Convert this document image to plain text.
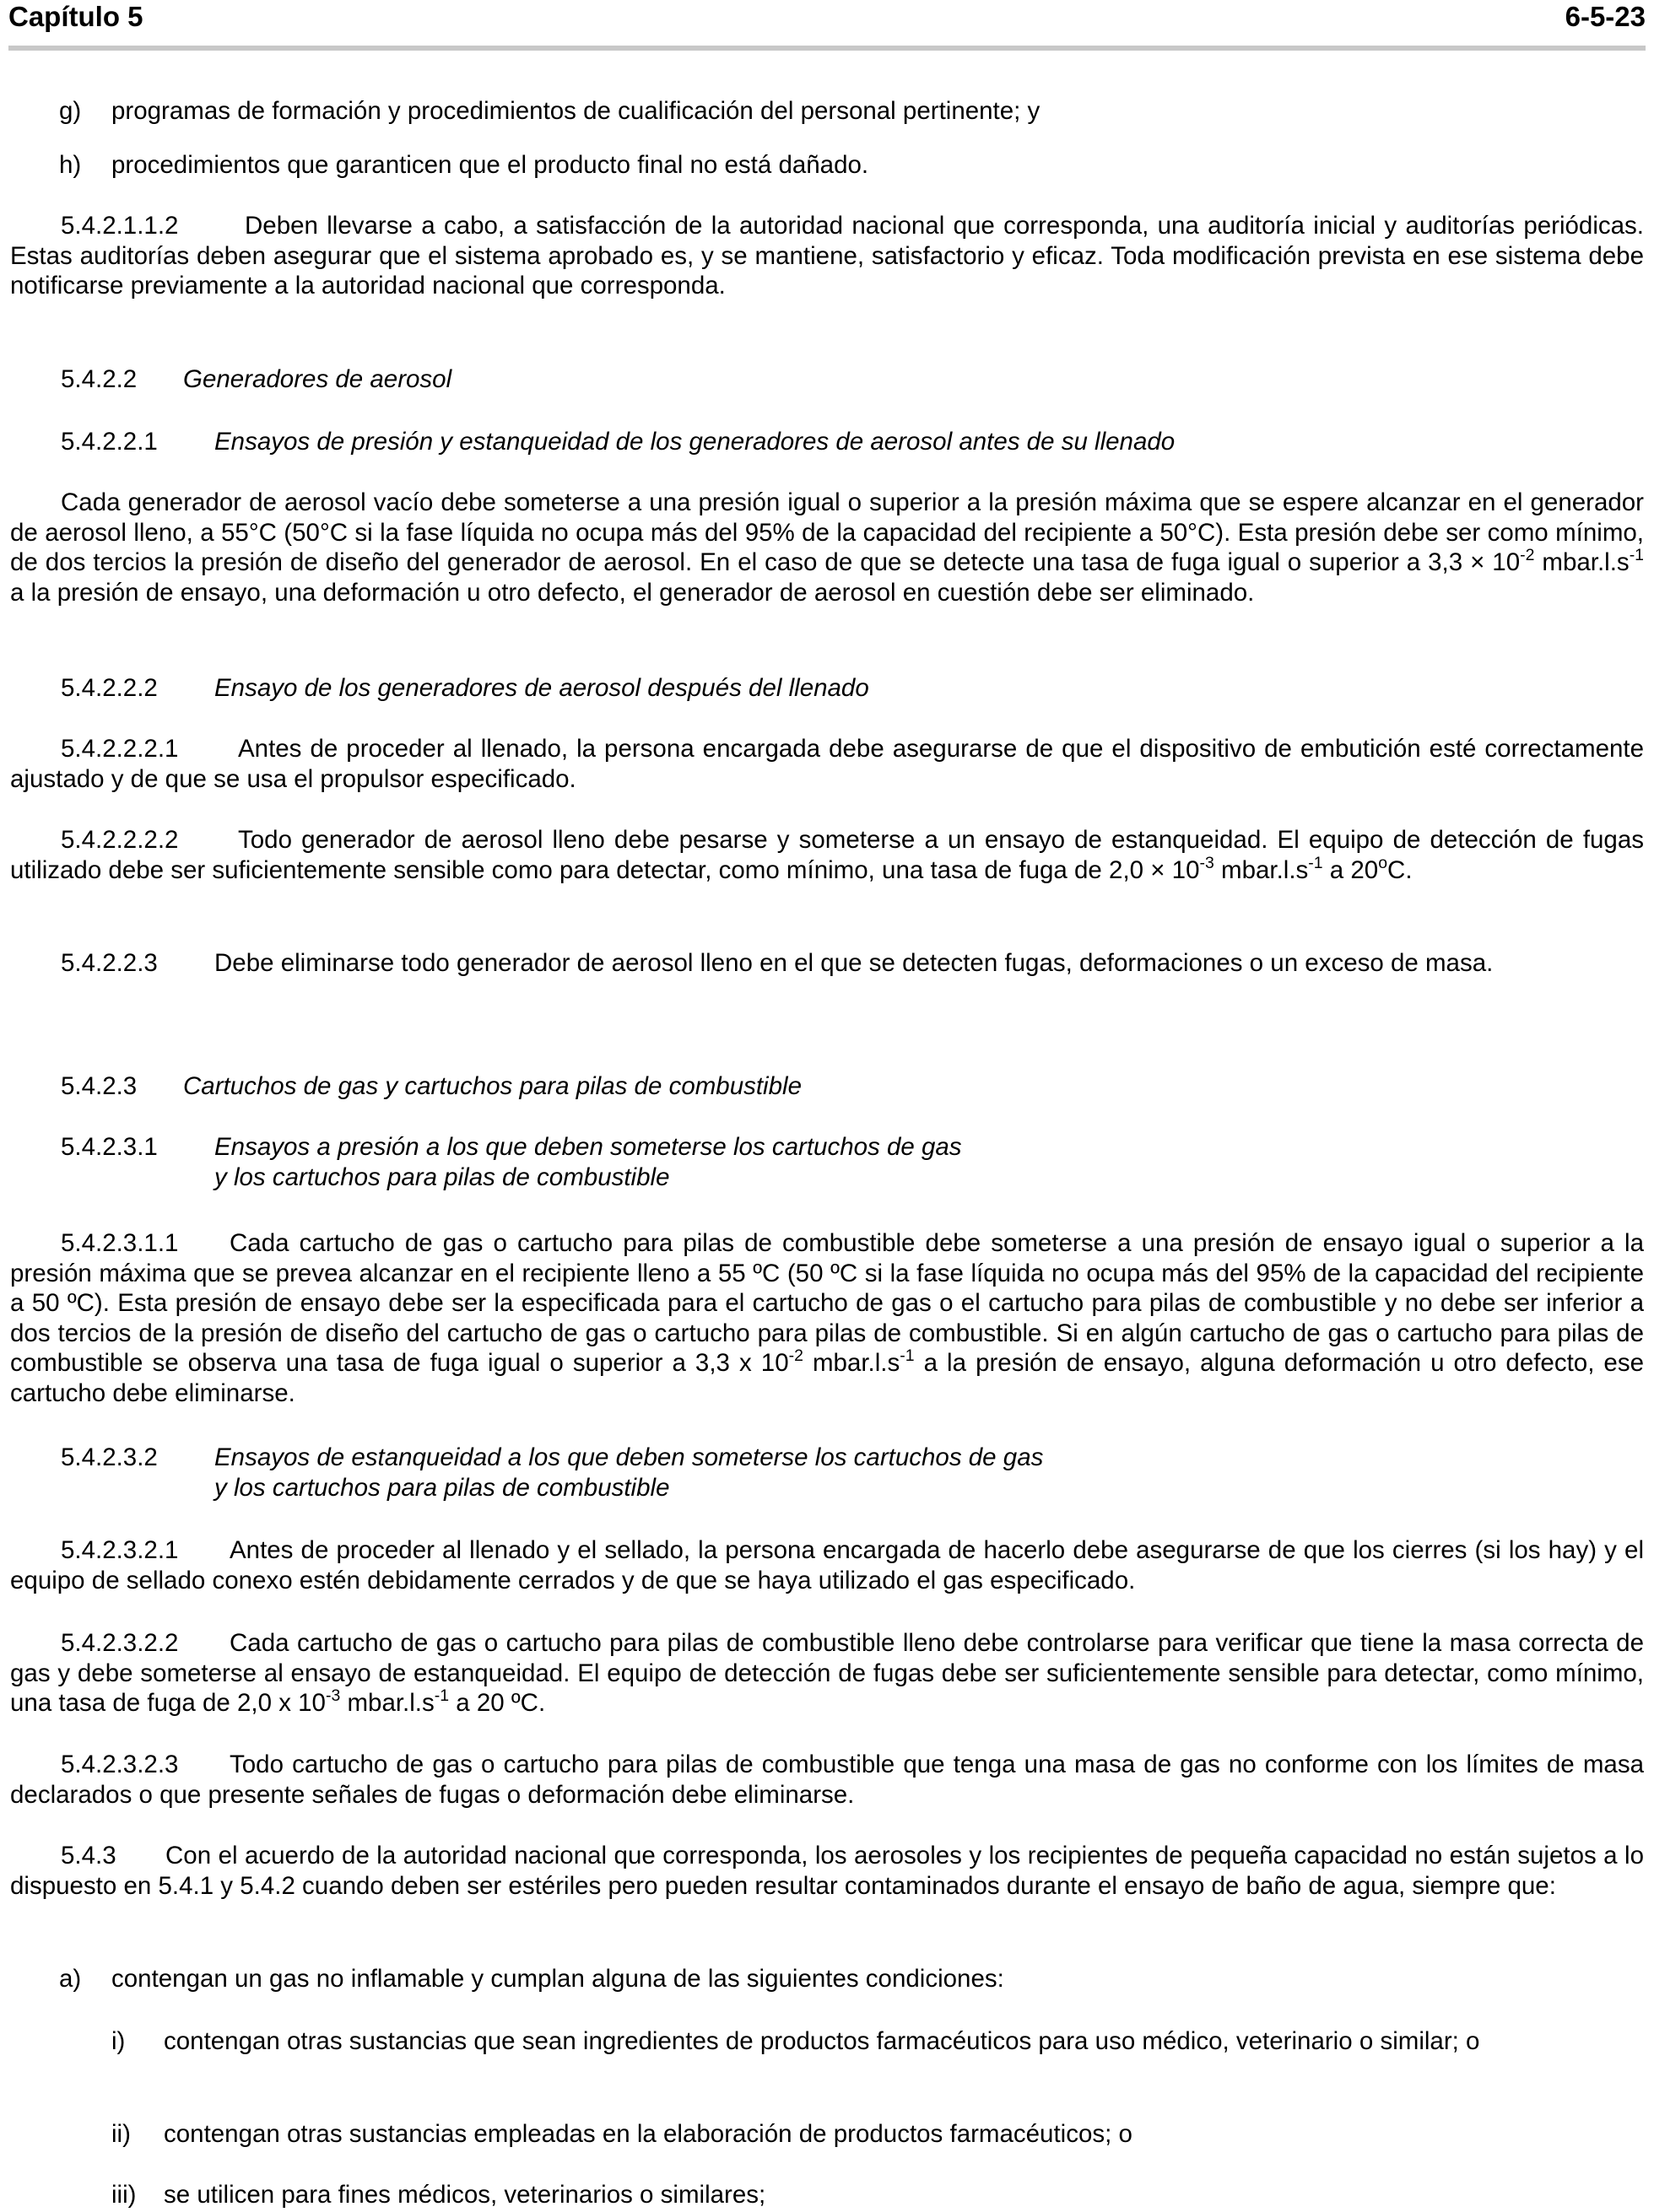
Capítulo 5	6-5-23
g)	programas de formación y procedimientos de cualificación del personal pertinente; y
h)	procedimientos que garanticen que el producto final no está dañado.

5.4.2.1.1.2	Deben llevarse a cabo, a satisfacción de la autoridad nacional que corresponda, una auditoría inicial y auditorías periódicas. Estas auditorías deben asegurar que el sistema aprobado es, y se mantiene, satisfactorio y eficaz. Toda modificación prevista en ese sistema debe notificarse previamente a la autoridad nacional que corresponda.

5.4.2.2 Generadores de aerosol
5.4.2.2.1 Ensayos de presión y estanqueidad de los generadores de aerosol antes de su llenado

Cada generador de aerosol vacío debe someterse a una presión igual o superior a la presión máxima que se espere alcanzar en el generador de aerosol lleno, a 55°C (50°C si la fase líquida no ocupa más del 95% de la capacidad del recipiente a 50°C). Esta presión debe ser como mínimo, de dos tercios la presión de diseño del generador de aerosol. En el caso de que se detecte una tasa de fuga igual o superior a $3,3 \times 10^{-2}$ $mbar.l.s^{-1}$ a la presión de ensayo, una deformación u otro defecto, el generador de aerosol en cuestión debe ser eliminado.

5.4.2.2.2 Ensayo de los generadores de aerosol después del llenado

5.4.2.2.2.1 Antes de proceder al llenado, la persona encargada debe asegurarse de que el dispositivo de embutición esté correctamente ajustado y de que se usa el propulsor especificado.

5.4.2.2.2.2 Todo generador de aerosol lleno debe pesarse y someterse a un ensayo de estanqueidad. El equipo de detección de fugas utilizado debe ser suficientemente sensible como para detectar, como mínimo, una tasa de fuga de $2,0 \times 10^{-3}$ $mbar.l.s^{-1}$ a 20$^o$C.

5.4.2.2.3 Debe eliminarse todo generador de aerosol lleno en el que se detecten fugas, deformaciones o un exceso de masa.

5.4.2.3 Cartuchos de gas y cartuchos para pilas de combustible
5.4.2.3.1 Ensayos a presión a los que deben someterse los cartuchos de gas
y los cartuchos para pilas de combustible

5.4.2.3.1.1 Cada cartucho de gas o cartucho para pilas de combustible debe someterse a una presión de ensayo igual o superior a la presión máxima que se prevea alcanzar en el recipiente lleno a 55 ºC (50 ºC si la fase líquida no ocupa más del 95% de la capacidad del recipiente a 50 ºC). Esta presión de ensayo debe ser la especificada para el cartucho de gas o el cartucho para pilas de combustible y no debe ser inferior a dos tercios de la presión de diseño del cartucho de gas o cartucho para pilas de combustible. Si en algún cartucho de gas o cartucho para pilas de combustible se observa una tasa de fuga igual o superior a 3,3 x $10^{-2}$ $mbar.l.s^{-1}$ a la presión de ensayo, alguna deformación u otro defecto, ese cartucho debe eliminarse.

5.4.2.3.2 Ensayos de estanqueidad a los que deben someterse los cartuchos de gas
y los cartuchos para pilas de combustible

5.4.2.3.2.1 Antes de proceder al llenado y el sellado, la persona encargada de hacerlo debe asegurarse de que los cierres (si los hay) y el equipo de sellado conexo estén debidamente cerrados y de que se haya utilizado el gas especificado.

5.4.2.3.2.2 Cada cartucho de gas o cartucho para pilas de combustible lleno debe controlarse para verificar que tiene la masa correcta de gas y debe someterse al ensayo de estanqueidad. El equipo de detección de fugas debe ser suficientemente sensible para detectar, como mínimo, una tasa de fuga de 2,0 x $10^{-3}$ $mbar.l.s^{-1}$ a 20 ºC.

5.4.2.3.2.3 Todo cartucho de gas o cartucho para pilas de combustible que tenga una masa de gas no conforme con los límites de masa declarados o que presente señales de fugas o deformación debe eliminarse.

5.4.3 Con el acuerdo de la autoridad nacional que corresponda, los aerosoles y los recipientes de pequeña capacidad no están sujetos a lo dispuesto en 5.4.1 y 5.4.2 cuando deben ser estériles pero pueden resultar contaminados durante el ensayo de baño de agua, siempre que:

a)	contengan un gas no inflamable y cumplan alguna de las siguientes condiciones:
i)	contengan otras sustancias que sean ingredientes de productos farmacéuticos para uso médico, veterinario o similar; o
ii)	contengan otras sustancias empleadas en la elaboración de productos farmacéuticos; o
iii)	se utilicen para fines médicos, veterinarios o similares;
